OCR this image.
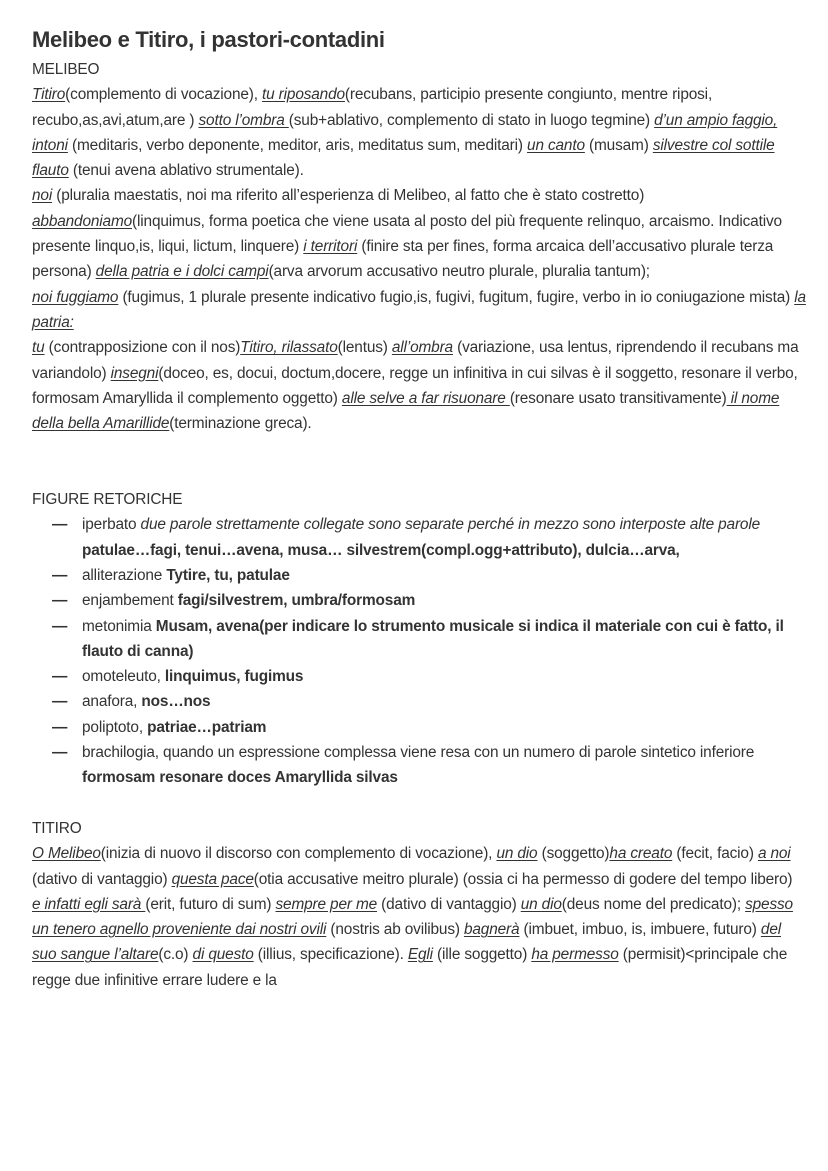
Melibeo e Titiro, i pastori-contadini

MELIBEO

Titiro(complemento di vocazione), tu riposando(recubans, participio presente congiunto, mentre riposi, recubo,as,avi,atum,are ) sotto l’ombra (sub+ablativo, complemento di stato in luogo tegmine) d’un ampio faggio, intoni (meditaris, verbo deponente, meditor, aris, meditatus sum, meditari) un canto (musam) silvestre col sottile flauto (tenui avena ablativo strumentale).

noi (pluralia maestatis, noi ma riferito all’esperienza di Melibeo, al fatto che è stato costretto) abbandoniamo(linquimus, forma poetica che viene usata al posto del più frequente relinquo, arcaismo. Indicativo presente linquo,is, liqui, lictum, linquere) i territori (finire sta per fines, forma arcaica dell’accusativo plurale terza persona) della patria e i dolci campi(arva arvorum accusativo neutro plurale, pluralia tantum);

noi fuggiamo (fugimus, 1 plurale presente indicativo fugio,is, fugivi, fugitum, fugire, verbo in io coniugazione mista) la patria:

tu (contrapposizione con il nos)Titiro, rilassato(lentus) all’ombra (variazione, usa lentus, riprendendo il recubans ma variandolo) insegni(doceo, es, docui, doctum,docere, regge un infinitiva in cui silvas è il soggetto, resonare il verbo, formosam Amaryllida il complemento oggetto) alle selve a far risuonare (resonare usato transitivamente) il nome della bella Amarillide(terminazione greca).

FIGURE RETORICHE

— iperbato due parole strettamente collegate sono separate perché in mezzo sono interposte alte parole patulae…fagi, tenui…avena, musa… silvestrem(compl.ogg+attributo), dulcia…arva,
— alliterazione Tytire, tu, patulae
— enjambement fagi/silvestrem, umbra/formosam
— metonimia Musam, avena(per indicare lo strumento musicale si indica il materiale con cui è fatto, il flauto di canna)
— omoteleuto, linquimus, fugimus
— anafora, nos…nos
— poliptoto, patriae…patriam
— brachilogia, quando un espressione complessa viene resa con un numero di parole sintetico inferiore formosam resonare doces Amaryllida silvas

TITIRO

O Melibeo(inizia di nuovo il discorso con complemento di vocazione), un dio (soggetto)ha creato (fecit, facio) a noi (dativo di vantaggio) questa pace(otia accusative meitro plurale) (ossia ci ha permesso di godere del tempo libero)

e infatti egli sarà (erit, futuro di sum) sempre per me (dativo di vantaggio) un dio(deus nome del predicato); spesso un tenero agnello proveniente dai nostri ovili (nostris ab ovilibus) bagnerà (imbuet, imbuo, is, imbuere, futuro) del suo sangue l’altare(c.o) di questo (illius, specificazione). Egli (ille soggetto) ha permesso (permisit)<principale che regge due infinitive errare ludere e la
